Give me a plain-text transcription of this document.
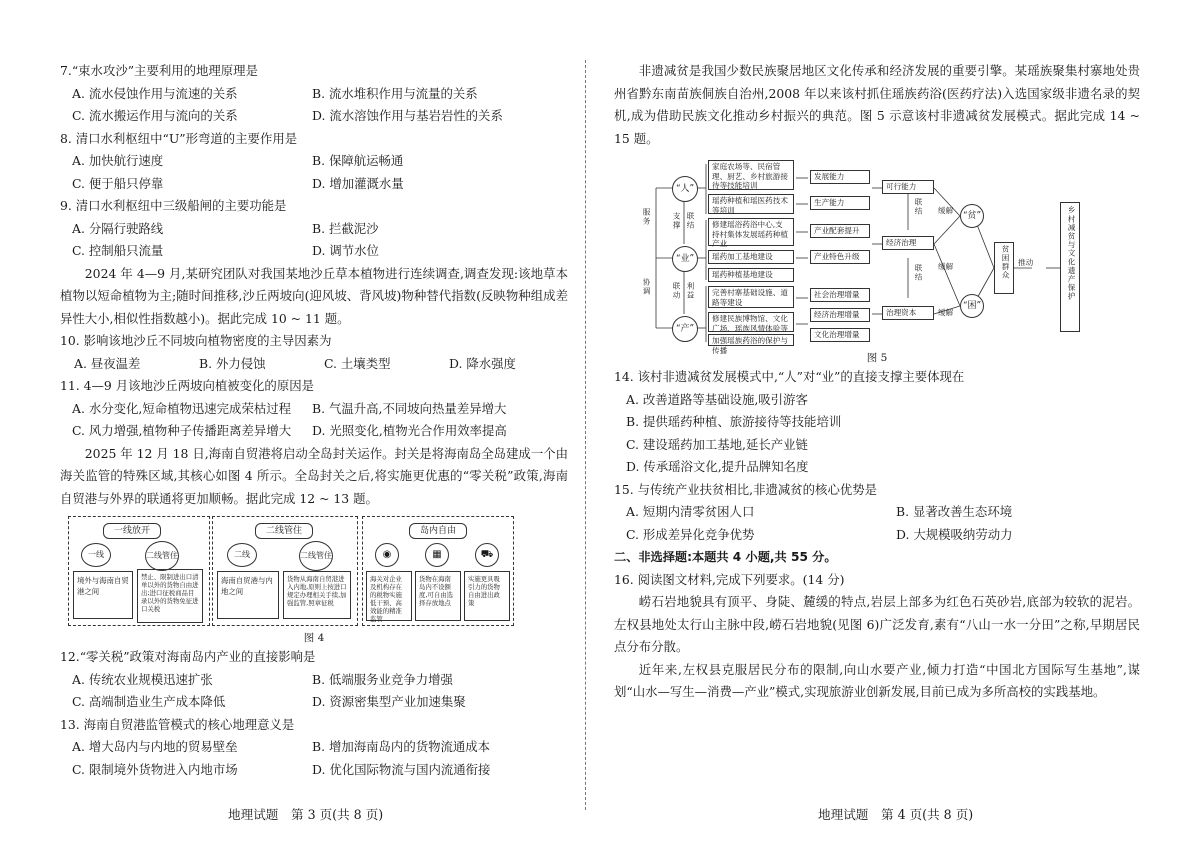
7.“束水攻沙”主要利用的地理原理是

A. 流水侵蚀作用与流速的关系	B. 流水堆积作用与流量的关系
C. 流水搬运作用与流向的关系	D. 流水溶蚀作用与基岩岩性的关系

8. 清口水利枢纽中“U”形弯道的主要作用是

A. 加快航行速度	B. 保障航运畅通
C. 便于船只停靠	D. 增加灌溉水量

9. 清口水利枢纽中三级船闸的主要功能是

A. 分隔行驶路线	B. 拦截泥沙
C. 控制船只流量	D. 调节水位

2024 年 4—9 月,某研究团队对我国某地沙丘草本植物进行连续调查,调查发现:该地草本植物以短命植物为主;随时间推移,沙丘两坡向(迎风坡、背风坡)物种替代指数(反映物种组成差异性大小,相似性指数越小)。据此完成 10 ~ 11 题。

10. 影响该地沙丘不同坡向植物密度的主导因素为

A. 昼夜温差	B. 外力侵蚀	C. 土壤类型	D. 降水强度

11. 4—9 月该地沙丘两坡向植被变化的原因是

A. 水分变化,短命植物迅速完成荣枯过程	B. 气温升高,不同坡向热量差异增大
C. 风力增强,植物种子传播距离差异增大	D. 光照变化,植物光合作用效率提高

2025 年 12 月 18 日,海南自贸港将启动全岛封关运作。封关是将海南岛全岛建成一个由海关监管的特殊区域,其核心如图 4 所示。全岛封关之后,将实施更优惠的“零关税”政策,海南自贸港与外界的联通将更加顺畅。据此完成 12 ~ 13 题。

一线放开
一线	二线管住
境外与海南自贸港之间
禁止、限制进出口清单以外的货物自由进出;进口征税商品目录以外的货物免征进口关税
二线管住
二线	二线管住
海南自贸港与内地之间
货物从海南自贸港进入内地,原则上按进口规定办理相关手续,加强监管,照章征税
岛内自由
◉	▦	⛟
海关对企业及机构存在的税物实施低干预、高效能的精准监管
货物在海南岛内不设额度,可自由选择存放地点
实施更具吸引力的货物自由进出政策
图 4

12.“零关税”政策对海南岛内产业的直接影响是

A. 传统农业规模迅速扩张	B. 低端服务业竞争力增强
C. 高端制造业生产成本降低	D. 资源密集型产业加速集聚

13. 海南自贸港监管模式的核心地理意义是

A. 增大岛内与内地的贸易壁垒	B. 增加海南岛内的货物流通成本
C. 限制境外货物进入内地市场	D. 优化国际物流与国内流通衔接
地理试题　第 3 页(共 8 页)

非遗减贫是我国少数民族聚居地区文化传承和经济发展的重要引擎。某瑶族聚集村寨地处贵州省黔东南苗族侗族自治州,2008 年以来该村抓住瑶族药浴(医药疗法)入选国家级非遗名录的契机,成为借助民族文化推动乡村振兴的典范。图 5 示意该村非遗减贫发展模式。据此完成 14 ~ 15 题。

服务
协调
支撑 联结
联动 利益
“人”
“业”
“产”
家庭农场等、民宿管理、厨艺、乡村旅游接待等技能培训
瑶药种植和瑶医药技术等培训
修建瑶浴药浴中心,支持村集体发展瑶药种植产业
瑶药加工基地建设
瑶药种植基地建设
完善村寨基础设施、道路等建设
修建民族博物馆、文化广场、瑶族风情体验等
加强瑶族药浴的保护与传播
发展能力
生产能力
产业配套提升
产业特色升级
社会治理增量
经济治理增量
文化治理增量
可行能力
经济治理
治理资本
联结
联结
缓解
缓解
缓解
“贫”
“困”
贫困群众	推动	乡村减贫与文化遗产保护
图 5

14. 该村非遗减贫发展模式中,“人”对“业”的直接支撑主要体现在

A. 改善道路等基础设施,吸引游客
B. 提供瑶药种植、旅游接待等技能培训
C. 建设瑶药加工基地,延长产业链
D. 传承瑶浴文化,提升品牌知名度

15. 与传统产业扶贫相比,非遗减贫的核心优势是

A. 短期内清零贫困人口	B. 显著改善生态环境
C. 形成差异化竞争优势	D. 大规模吸纳劳动力

二、非选择题:本题共 4 小题,共 55 分。

16. 阅读图文材料,完成下列要求。(14 分)

崂石岩地貌具有顶平、身陡、麓缓的特点,岩层上部多为红色石英砂岩,底部为较软的泥岩。左权县地处太行山主脉中段,崂石岩地貌(见图 6)广泛发育,素有“八山一水一分田”之称,早期居民点分布分散。

近年来,左权县克服居民分布的限制,向山水要产业,倾力打造“中国北方国际写生基地”,谋划“山水—写生—消费—产业”模式,实现旅游业创新发展,目前已成为多所高校的实践基地。

地理试题　第 4 页(共 8 页)
